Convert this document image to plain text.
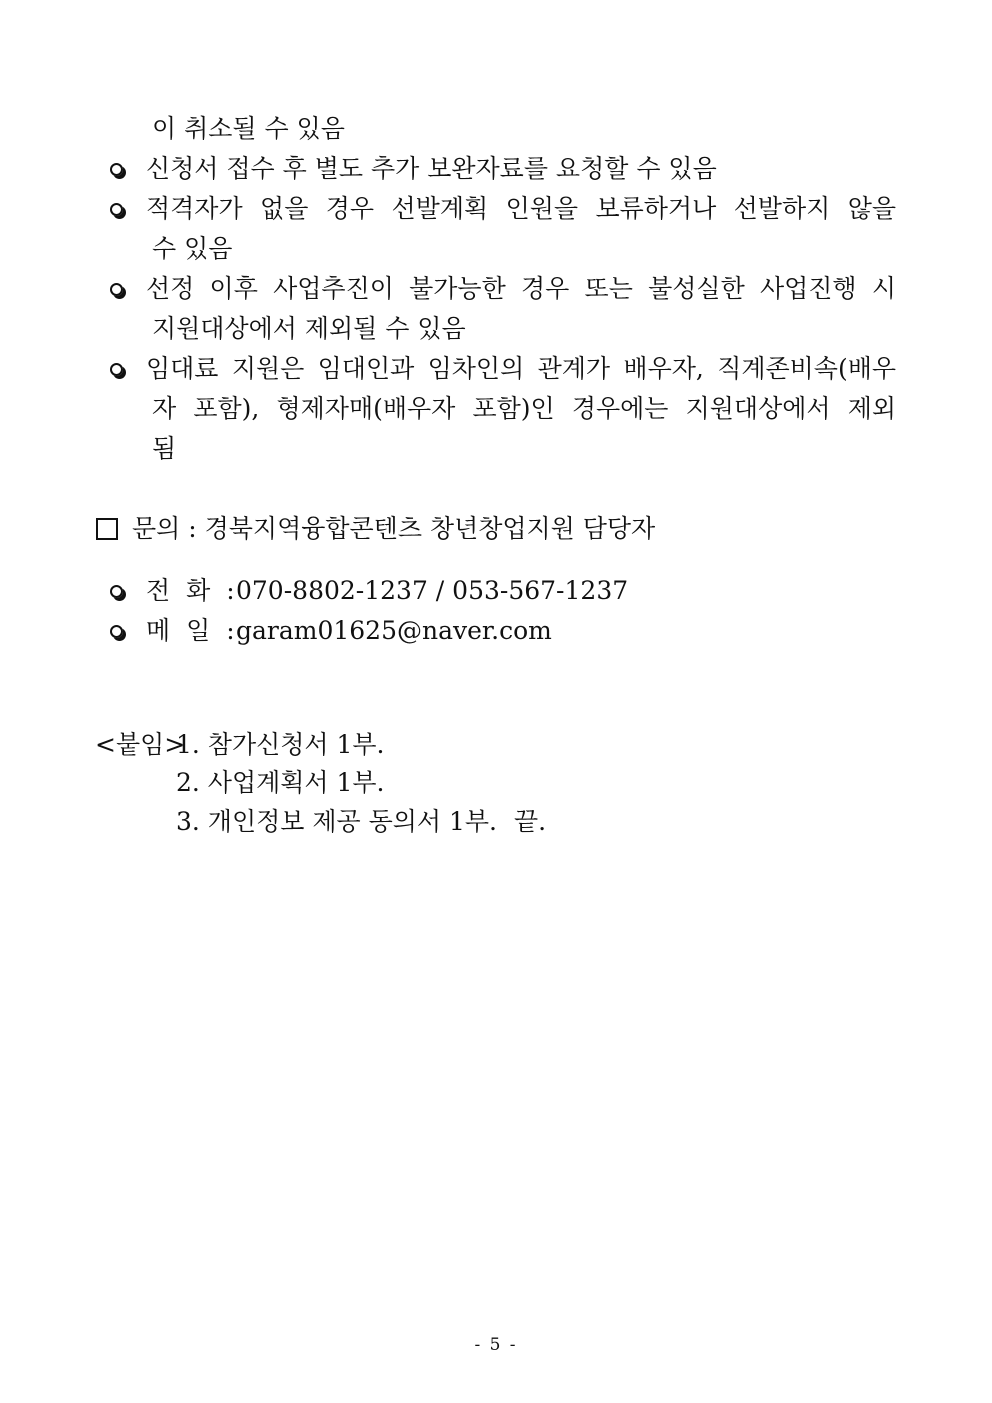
이 취소될 수 있음
신청서 접수 후 별도 추가 보완자료를 요청할 수 있음
적격자가 없을 경우 선발계획 인원을 보류하거나 선발하지 않을
수 있음
선정 이후 사업추진이 불가능한 경우 또는 불성실한 사업진행 시
지원대상에서 제외될 수 있음
임대료 지원은 임대인과 임차인의 관계가 배우자, 직계존비속(배우
자 포함), 형제자매(배우자 포함)인 경우에는 지원대상에서 제외
됨
문의 : 경북지역융합콘텐츠 창년창업지원 담당자
전 화 : 070-8802-1237 / 053-567-1237
메 일 : garam01625@naver.com
<붙임>
1. 참가신청서 1부.
2. 사업계획서 1부.
3. 개인정보 제공 동의서 1부. 끝.
- 5 -
